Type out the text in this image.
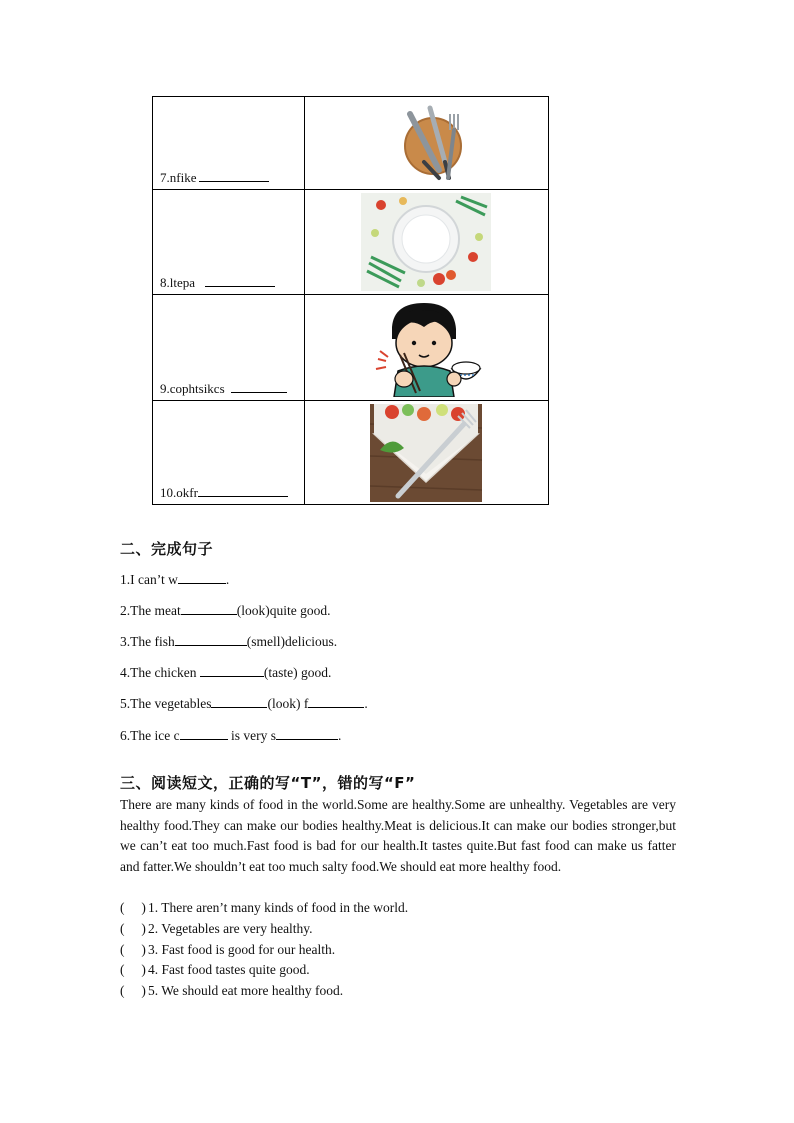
7.nfike

8.ltepa

9.cophtsikcs

10.okfr

二、完成句子
1.I can’t w	.
2.The meat	(look)quite good.
3.The fish	(smell)delicious.
4.The chicken	(taste) good.
5.The vegetables	(look) f	.
6.The ice c	is very s	.
三、阅读短文，正确的写“T”，错的写“F”
There are many kinds of food in the world.Some are healthy.Some are unhealthy. Vegetables are very healthy food.They can make our bodies healthy.Meat is delicious.It can make our bodies stronger,but we can’t eat too much.Fast food is bad for our health.It tastes quite.But fast food can make us fatter and fatter.We shouldn’t eat too much salty food.We should eat more healthy food.
( ) 1. There aren’t many kinds of food in the world.
( ) 2. Vegetables are very healthy.
( ) 3. Fast food is good for our health.
( ) 4. Fast food tastes quite good.
( ) 5. We should eat more healthy food.
